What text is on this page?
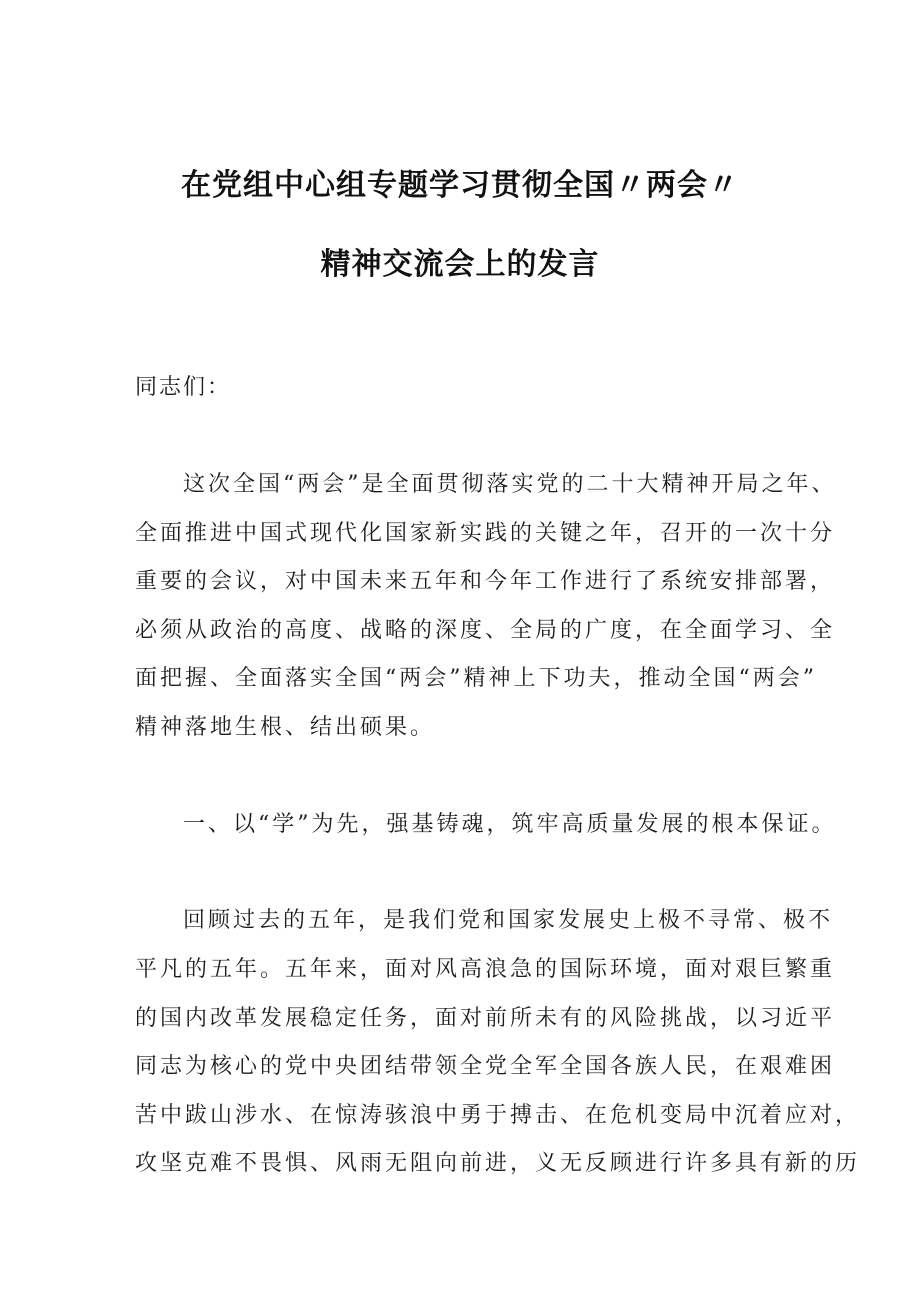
在党组中心组专题学习贯彻全国〃两会〃
精神交流会上的发言
同志们：
这次全国“两会”是全面贯彻落实党的二十大精神开局之年、
全面推进中国式现代化国家新实践的关键之年，召开的一次十分
重要的会议，对中国未来五年和今年工作进行了系统安排部署，
必须从政治的高度、战略的深度、全局的广度，在全面学习、全
面把握、全面落实全国“两会”精神上下功夫，推动全国“两会”
精神落地生根、结出硕果。
一、以“学”为先，强基铸魂，筑牢高质量发展的根本保证。
回顾过去的五年，是我们党和国家发展史上极不寻常、极不
平凡的五年。五年来，面对风高浪急的国际环境，面对艰巨繁重
的国内改革发展稳定任务，面对前所未有的风险挑战，以习近平
同志为核心的党中央团结带领全党全军全国各族人民，在艰难困
苦中跋山涉水、在惊涛骇浪中勇于搏击、在危机变局中沉着应对，
攻坚克难不畏惧、风雨无阻向前进，义无反顾进行许多具有新的历
